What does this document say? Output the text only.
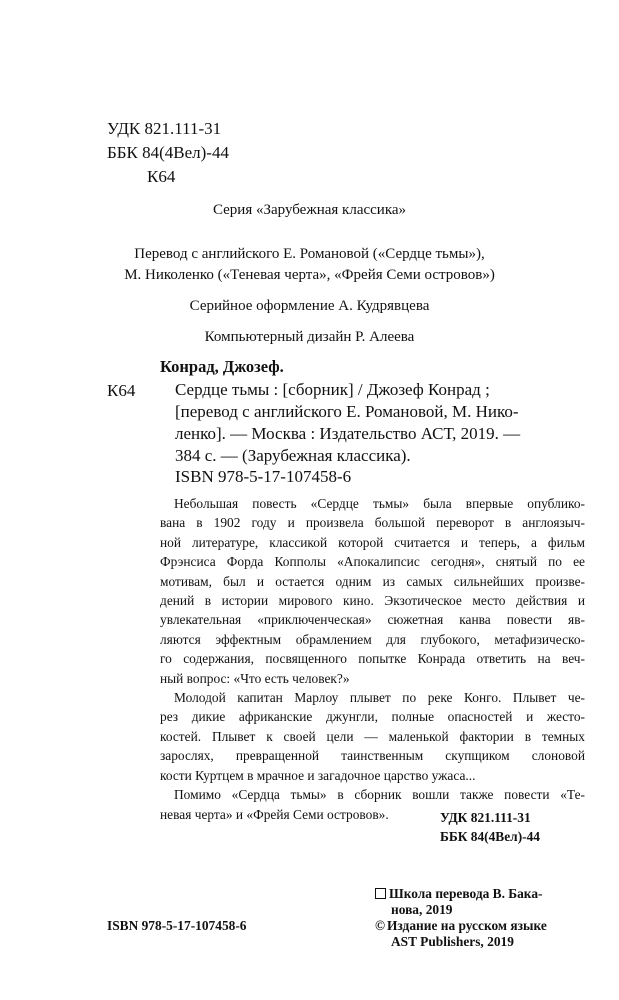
УДК 821.111-31
ББК 84(4Вел)-44
К64
Серия «Зарубежная классика»
Перевод с английского Е. Романовой («Сердце тьмы»),
М. Николенко («Теневая черта», «Фрейя Семи островов»)
Серийное оформление А. Кудрявцева
Компьютерный дизайн Р. Алеева
Конрад, Джозеф.
К64 Сердце тьмы : [сборник] / Джозеф Конрад ;
[перевод с английского Е. Романовой, М. Нико-
ленко]. — Москва : Издательство АСТ, 2019. —
384 с. — (Зарубежная классика).
ISBN 978-5-17-107458-6
Небольшая повесть «Сердце тьмы» была впервые опублико-
вана в 1902 году и произвела большой переворот в англоязыч-
ной литературе, классикой которой считается и теперь, а фильм
Фрэнсиса Форда Копполы «Апокалипсис сегодня», снятый по ее
мотивам, был и остается одним из самых сильнейших произве-
дений в истории мирового кино. Экзотическое место действия и
увлекательная «приключенческая» сюжетная канва повести яв-
ляются эффектным обрамлением для глубокого, метафизическо-
го содержания, посвященного попытке Конрада ответить на веч-
ный вопрос: «Что есть человек?»
Молодой капитан Марлоу плывет по реке Конго. Плывет че-
рез дикие африканские джунгли, полные опасностей и жесто-
костей. Плывет к своей цели — маленькой фактории в темных
зарослях, превращенной таинственным скупщиком слоновой
кости Куртцем в мрачное и загадочное царство ужаса...
Помимо «Сердца тьмы» в сборник вошли также повести «Те-
невая черта» и «Фрейя Семи островов».	УДК 821.111-31
ББК 84(4Вел)-44
Школа перевода В. Бака-
нова, 2019
© Издание на русском языке
AST Publishers, 2019
ISBN 978-5-17-107458-6
